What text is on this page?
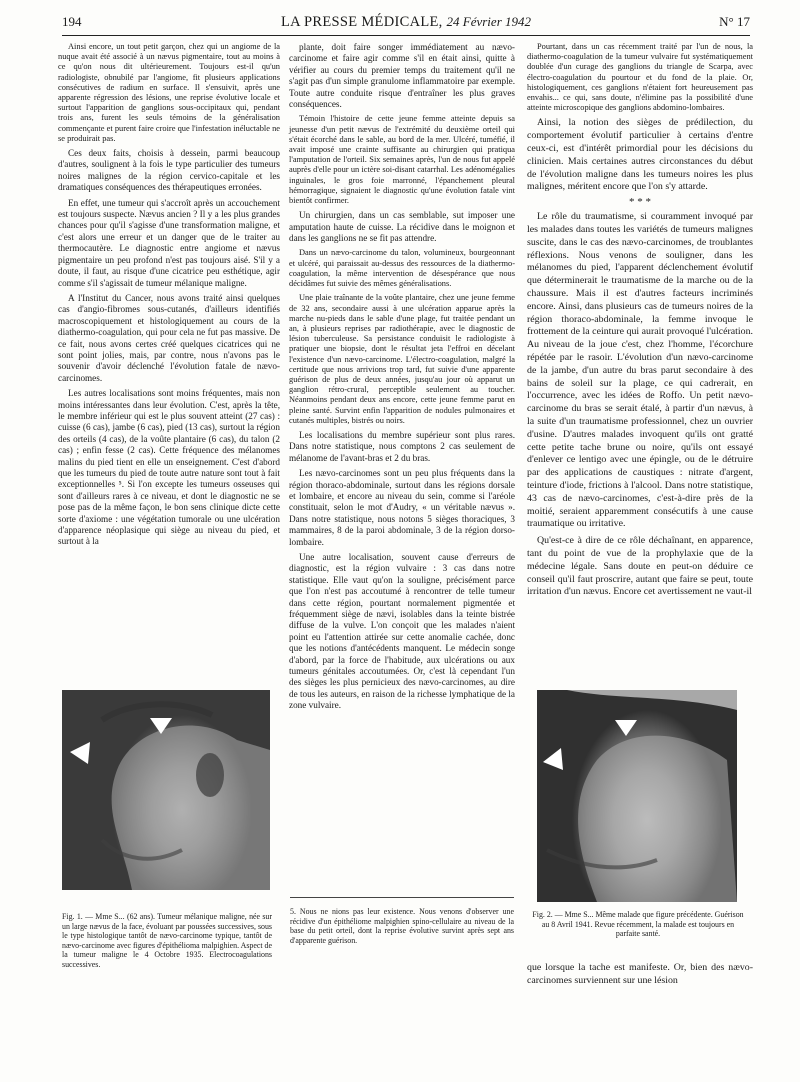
194	LA PRESSE MÉDICALE, 24 Février 1942	N° 17

Ainsi encore, un tout petit garçon, chez qui un angiome de la nuque avait été associé à un nævus pigmentaire, tout au moins à ce qu'on nous dit ultérieurement. Toujours est-il qu'un radiologiste, obnubilé par l'angiome, fit plusieurs applications consécutives de radium en surface. Il s'ensuivit, après une apparente régression des lésions, une reprise évolutive locale et surtout l'apparition de ganglions sous-occipitaux qui, pendant trois ans, furent les seuls témoins de la généralisation commençante et purent faire croire que l'infestation inéluctable ne se produirait pas.

Ces deux faits, choisis à dessein, parmi beaucoup d'autres, soulignent à la fois le type particulier des tumeurs noires malignes de la région cervico-capitale et les dramatiques conséquences des thérapeutiques erronées.

En effet, une tumeur qui s'accroît après un accouchement est toujours suspecte. Nævus ancien ? Il y a les plus grandes chances pour qu'il s'agisse d'une transformation maligne, et c'est alors une erreur et un danger que de le traiter au thermocautère. Le diagnostic entre angiome et nævus pigmentaire un peu profond n'est pas toujours aisé. S'il y a doute, il faut, au risque d'une cicatrice peu esthétique, agir comme s'il s'agissait de tumeur mélanique maligne.

A l'Institut du Cancer, nous avons traité ainsi quelques cas d'angio-fibromes sous-cutanés, d'ailleurs identifiés macroscopiquement et histologiquement au cours de la diathermo-coagulation, qui pour cela ne fut pas massive. De ce fait, nous avons certes créé quelques cicatrices qui ne sont point jolies, mais, par contre, nous n'avons pas le souvenir d'avoir déclenché l'évolution fatale de nævo-carcinomes.

Les autres localisations sont moins fréquentes, mais non moins intéressantes dans leur évolution. C'est, après la tête, le membre inférieur qui est le plus souvent atteint (27 cas) : cuisse (6 cas), jambe (6 cas), pied (13 cas), surtout la région des orteils (4 cas), de la voûte plantaire (6 cas), du talon (2 cas) ; enfin fesse (2 cas). Cette fréquence des mélanomes malins du pied tient en elle un enseignement. C'est d'abord que les tumeurs du pied de toute autre nature sont tout à fait exceptionnelles ⁵. Si l'on excepte les tumeurs osseuses qui sont d'ailleurs rares à ce niveau, et dont le diagnostic ne se pose pas de la même façon, le bon sens clinique dicte cette sorte d'axiome : une végétation tumorale ou une ulcération d'apparence néoplasique qui siège au niveau du pied, et surtout à la

plante, doit faire songer immédiatement au nævo-carcinome et faire agir comme s'il en était ainsi, quitte à vérifier au cours du premier temps du traitement qu'il ne s'agit pas d'un simple granulome inflammatoire par exemple. Toute autre conduite risque d'entraîner les plus graves conséquences.

Témoin l'histoire de cette jeune femme atteinte depuis sa jeunesse d'un petit nævus de l'extrémité du deuxième orteil qui s'était écorché dans le sable, au bord de la mer. Ulcéré, tuméfié, il avait imposé une crainte suffisante au chirurgien qui pratiqua l'amputation de l'orteil. Six semaines après, l'un de nous fut appelé auprès d'elle pour un ictère soi-disant catarrhal. Les adénomégalies inguinales, le gros foie marronné, l'épanchement pleural hémorragique, signaient le diagnostic qu'une évolution fatale vint bientôt confirmer.

Un chirurgien, dans un cas semblable, sut imposer une amputation haute de cuisse. La récidive dans le moignon et dans les ganglions ne se fit pas attendre.

Dans un nævo-carcinome du talon, volumineux, bourgeonnant et ulcéré, qui paraissait au-dessus des ressources de la diathermo-coagulation, la même intervention de désespérance que nous décidâmes fut suivie des mêmes généralisations.

Une plaie traînante de la voûte plantaire, chez une jeune femme de 32 ans, secondaire aussi à une ulcération apparue après la marche nu-pieds dans le sable d'une plage, fut traitée pendant un an, à plusieurs reprises par radiothérapie, avec le diagnostic de lésion tuberculeuse. Sa persistance conduisit le radiologiste à pratiquer une biopsie, dont le résultat jeta l'effroi en décelant l'existence d'un nævo-carcinome. L'électro-coagulation, malgré la certitude que nous arrivions trop tard, fut suivie d'une apparente guérison de plus de deux années, jusqu'au jour où apparut un ganglion rétro-crural, perceptible seulement au toucher. Néanmoins pendant deux ans encore, cette jeune femme parut en pleine santé. Survint enfin l'apparition de nodules pulmonaires et cutanés multiples, bistrés ou noirs.

Les localisations du membre supérieur sont plus rares. Dans notre statistique, nous comptons 2 cas seulement de mélanome de l'avant-bras et 2 du bras.

Les nævo-carcinomes sont un peu plus fréquents dans la région thoraco-abdominale, surtout dans les régions dorsale et lombaire, et encore au niveau du sein, comme si l'aréole constituait, selon le mot d'Audry, « un véritable nævus ». Dans notre statistique, nous notons 5 sièges thoraciques, 3 mammaires, 8 de la paroi abdominale, 3 de la région dorso-lombaire.

Une autre localisation, souvent cause d'erreurs de diagnostic, est la région vulvaire : 3 cas dans notre statistique. Elle vaut qu'on la souligne, précisément parce que l'on n'est pas accoutumé à rencontrer de telle tumeur dans cette région, pourtant normalement pigmentée et fréquemment siège de nævi, isolables dans la teinte bistrée diffuse de la vulve. L'on conçoit que les malades n'aient point eu l'attention attirée sur cette anomalie cachée, donc que les notions d'antécédents manquent. Le médecin songe d'abord, par la force de l'habitude, aux ulcérations ou aux tumeurs génitales accoutumées. Or, c'est là cependant l'un des sièges les plus pernicieux des nævo-carcinomes, au dire de tous les auteurs, en raison de la richesse lymphatique de la zone vulvaire.

Pourtant, dans un cas récemment traité par l'un de nous, la diathermo-coagulation de la tumeur vulvaire fut systématiquement doublée d'un curage des ganglions du triangle de Scarpa, avec électro-coagulation du pourtour et du fond de la plaie. Or, histologiquement, ces ganglions n'étaient fort heureusement pas envahis... ce qui, sans doute, n'élimine pas la possibilité d'une atteinte microscopique des ganglions abdomino-lombaires.

Ainsi, la notion des sièges de prédilection, du comportement évolutif particulier à certains d'entre ceux-ci, est d'intérêt primordial pour les décisions du clinicien. Mais certaines autres circonstances du début de l'évolution maligne dans les tumeurs noires les plus malignes, méritent encore que l'on s'y attarde.

* * *

Le rôle du traumatisme, si couramment invoqué par les malades dans toutes les variétés de tumeurs malignes suscite, dans le cas des nævo-carcinomes, de troublantes réflexions. Nous venons de souligner, dans les mélanomes du pied, l'apparent déclenchement évolutif que déterminerait le traumatisme de la marche ou de la chaussure. Mais il est d'autres facteurs incriminés encore. Ainsi, dans plusieurs cas de tumeurs noires de la région thoraco-abdominale, la femme invoque le frottement de la ceinture qui aurait provoqué l'ulcération. Au niveau de la joue c'est, chez l'homme, l'écorchure répétée par le rasoir. L'évolution d'un nævo-carcinome de la jambe, d'un autre du bras parut secondaire à des bains de soleil sur la plage, ce qui cadrerait, en l'occurrence, avec les idées de Roffo. Un petit nævo-carcinome du bras se serait étalé, à partir d'un nævus, à la suite d'un traumatisme professionnel, chez un ouvrier d'usine. D'autres malades invoquent qu'ils ont gratté cette petite tache brune ou noire, qu'ils ont essayé d'enlever ce lentigo avec une épingle, ou de le détruire par des applications de caustiques : nitrate d'argent, teinture d'iode, frictions à l'alcool. Dans notre statistique, 43 cas de nævo-carcinomes, c'est-à-dire près de la moitié, seraient apparemment consécutifs à une cause traumatique ou irritative.

Qu'est-ce à dire de ce rôle déchaînant, en apparence, tant du point de vue de la prophylaxie que de la médecine légale. Sans doute en peut-on déduire ce conseil qu'il faut proscrire, autant que faire se peut, toute irritation d'un nævus. Encore cet avertissement ne vaut-il

Fig. 1. — Mme S... (62 ans). Tumeur mélanique maligne, née sur un large nævus de la face, évoluant par poussées successives, sous le type histologique tantôt de nævo-carcinome typique, tantôt de nævo-carcinome avec figures d'épithélioma malpighien. Aspect de la tumeur maligne le 4 Octobre 1935. Electrocoagulations successives.
5. Nous ne nions pas leur existence. Nous venons d'observer une récidive d'un épithéliome malpighien spino-cellulaire au niveau de la base du petit orteil, dont la reprise évolutive survint après sept ans d'apparente guérison.
Fig. 2. — Mme S... Même malade que figure précédente. Guérison au 8 Avril 1941. Revue récemment, la malade est toujours en parfaite santé.
que lorsque la tache est manifeste. Or, bien des nævo-carcinomes surviennent sur une lésion
